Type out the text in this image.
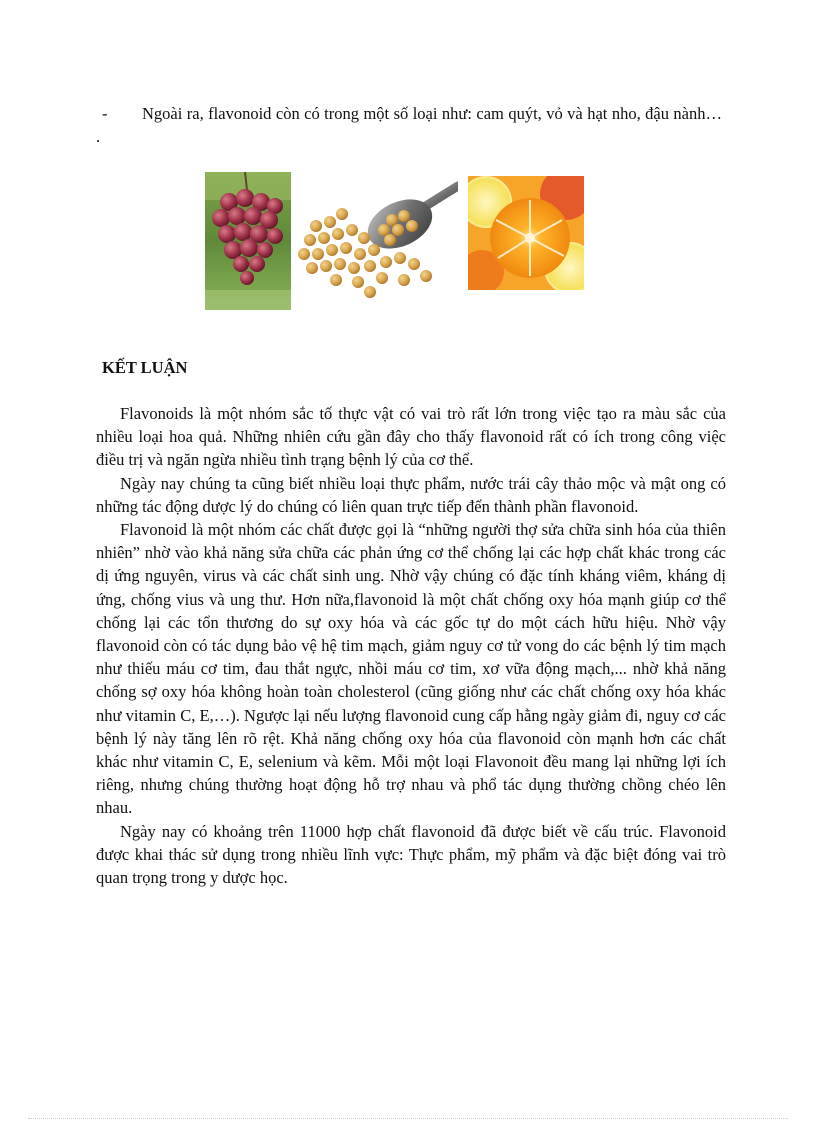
- Ngoài ra, flavonoid còn có trong một số loại như: cam quýt, vỏ và hạt nho, đậu nành… .
KẾT LUẬN

Flavonoids là một nhóm sắc tố thực vật có vai trò rất lớn trong việc tạo ra màu sắc của nhiều loại hoa quả. Những nhiên cứu gần đây cho thấy flavonoid rất có ích trong công việc điều trị và ngăn ngừa nhiều tình trạng bệnh lý của cơ thể.

Ngày nay chúng ta cũng biết nhiều loại thực phẩm, nước trái cây thảo mộc và mật ong có những tác động dược lý do chúng có liên quan trực tiếp đến thành phần flavonoid.

Flavonoid là một nhóm các chất được gọi là “những người thợ sửa chữa sinh hóa của thiên nhiên” nhờ vào khả năng sửa chữa các phản ứng cơ thể chống lại các hợp chất khác trong các dị ứng nguyên, virus và các chất sinh ung. Nhờ vậy chúng có đặc tính kháng viêm, kháng dị ứng, chống vius và ung thư. Hơn nữa,flavonoid là một chất chống oxy hóa mạnh giúp cơ thể chống lại các tổn thương do sự oxy hóa và các gốc tự do một cách hữu hiệu. Nhờ vậy flavonoid còn có tác dụng bảo vệ hệ tim mạch, giảm nguy cơ tử vong do các bệnh lý tim mạch như thiếu máu cơ tim, đau thắt ngực, nhồi máu cơ tim, xơ vữa động mạch,... nhờ khả năng chống sợ oxy hóa không hoàn toàn cholesterol (cũng giống như các chất chống oxy hóa khác như vitamin C, E,…). Ngược lại nếu lượng flavonoid cung cấp hằng ngày giảm đi, nguy cơ các bệnh lý này tăng lên rõ rệt. Khả năng chống oxy hóa của flavonoid còn mạnh hơn các chất khác như vitamin C, E, selenium và kẽm. Mỗi một loại Flavonoit đều mang lại những lợi ích riêng, nhưng chúng thường hoạt động hỗ trợ nhau và phổ tác dụng thường chồng chéo lên nhau.

Ngày nay có khoảng trên 11000 hợp chất flavonoid đã được biết về cấu trúc. Flavonoid được khai thác sử dụng trong nhiều lĩnh vực: Thực phẩm, mỹ phẩm và đặc biệt đóng vai trò quan trọng trong y dược học.
